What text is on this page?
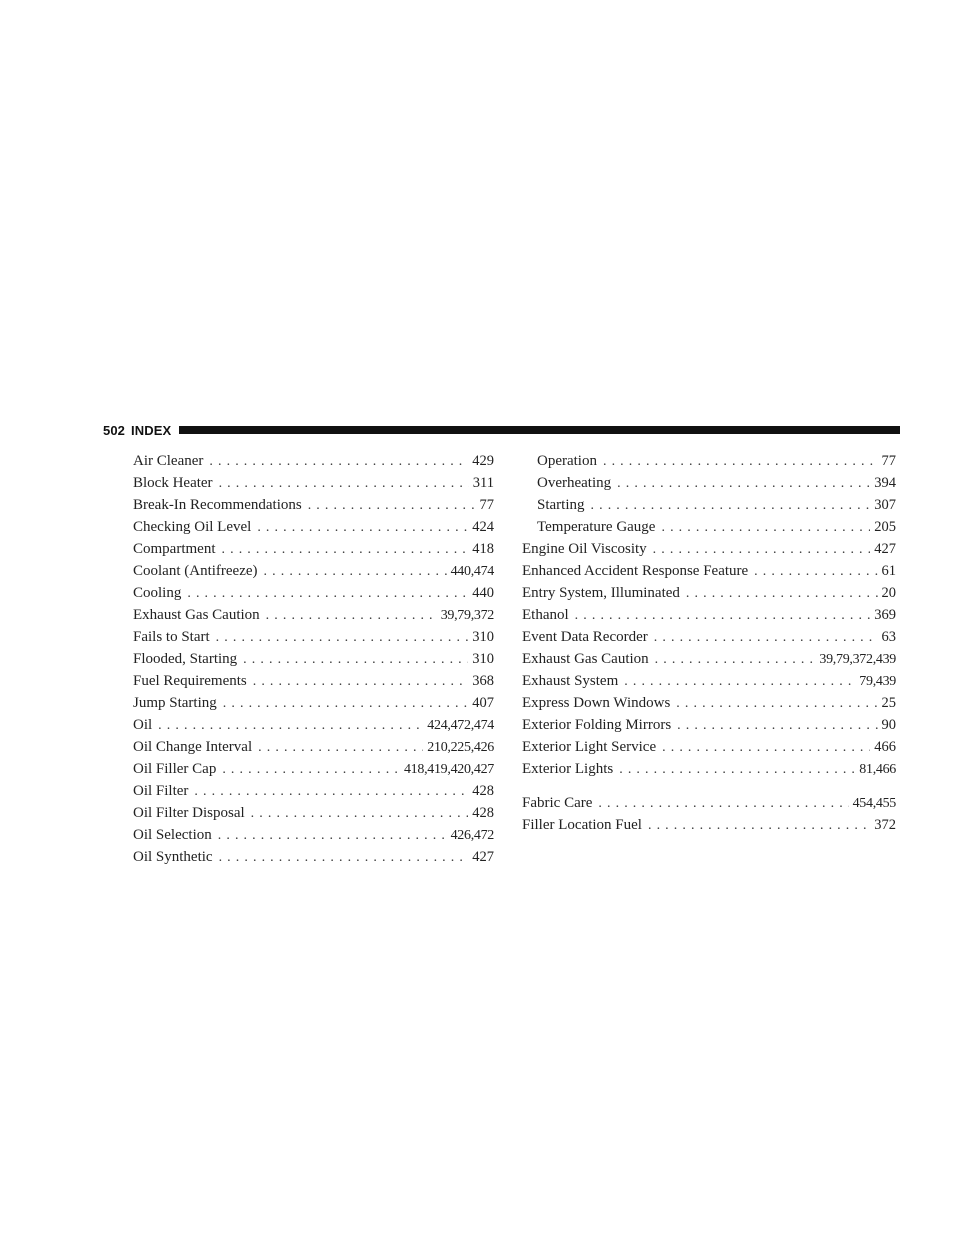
502 INDEX
Air Cleaner . . .	429
Block Heater . . .	311
Break-In Recommendations . . .	77
Checking Oil Level . . .	424
Compartment . . .	418
Coolant (Antifreeze) . . .	440,474
Cooling . . .	440
Exhaust Gas Caution . . .	39,79,372
Fails to Start . . .	310
Flooded, Starting . . .	310
Fuel Requirements . . .	368
Jump Starting . . .	407
Oil . . .	424,472,474
Oil Change Interval . . .	210,225,426
Oil Filler Cap . . .	418,419,420,427
Oil Filter . . .	428
Oil Filter Disposal . . .	428
Oil Selection . . .	426,472
Oil Synthetic . . .	427
Operation . . .	77
Overheating . . .	394
Starting . . .	307
Temperature Gauge . . .	205
Engine Oil Viscosity . . .	427
Enhanced Accident Response Feature . . .	61
Entry System, Illuminated . . .	20
Ethanol . . .	369
Event Data Recorder . . .	63
Exhaust Gas Caution . . .	39,79,372,439
Exhaust System . . .	79,439
Express Down Windows . . .	25
Exterior Folding Mirrors . . .	90
Exterior Light Service . . .	466
Exterior Lights . . .	81,466
Fabric Care . . .	454,455
Filler Location Fuel . . .	372
